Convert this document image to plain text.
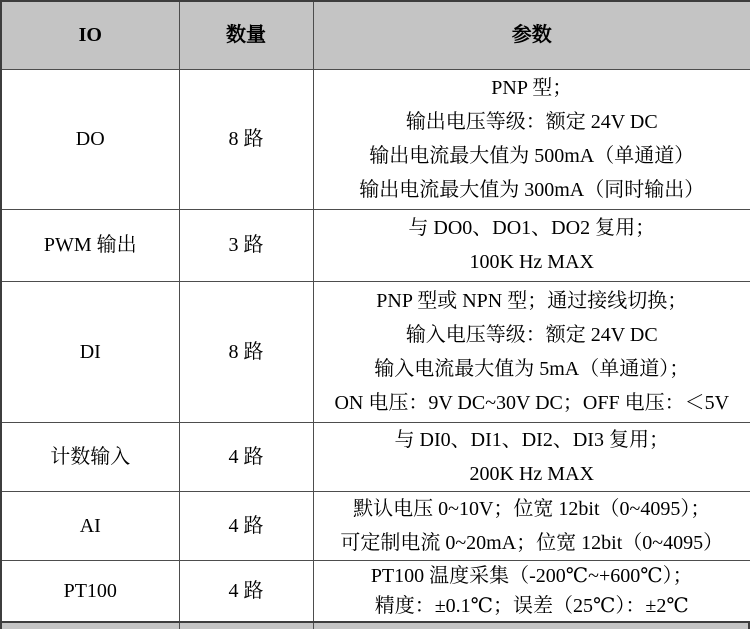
IO	数量	参数
DO	8 路	PNP 型；
输出电压等级：额定 24V DC
输出电流最大值为 500mA（单通道）
输出电流最大值为 300mA（同时输出）

PWM 输出	3 路	与 DO0、DO1、DO2 复用；
100K Hz MAX

DI	8 路	PNP 型或 NPN 型；通过接线切换；
输入电压等级：额定 24V DC
输入电流最大值为 5mA（单通道）；
ON 电压：9V DC~30V DC；OFF 电压：＜5V

计数输入	4 路	与 DI0、DI1、DI2、DI3 复用；
200K Hz MAX

AI	4 路	默认电压 0~10V；位宽 12bit（0~4095）；
可定制电流 0~20mA；位宽 12bit（0~4095）

PT100	4 路	PT100 温度采集（-200℃~+600℃）；
精度：±0.1℃；误差（25℃）：±2℃
